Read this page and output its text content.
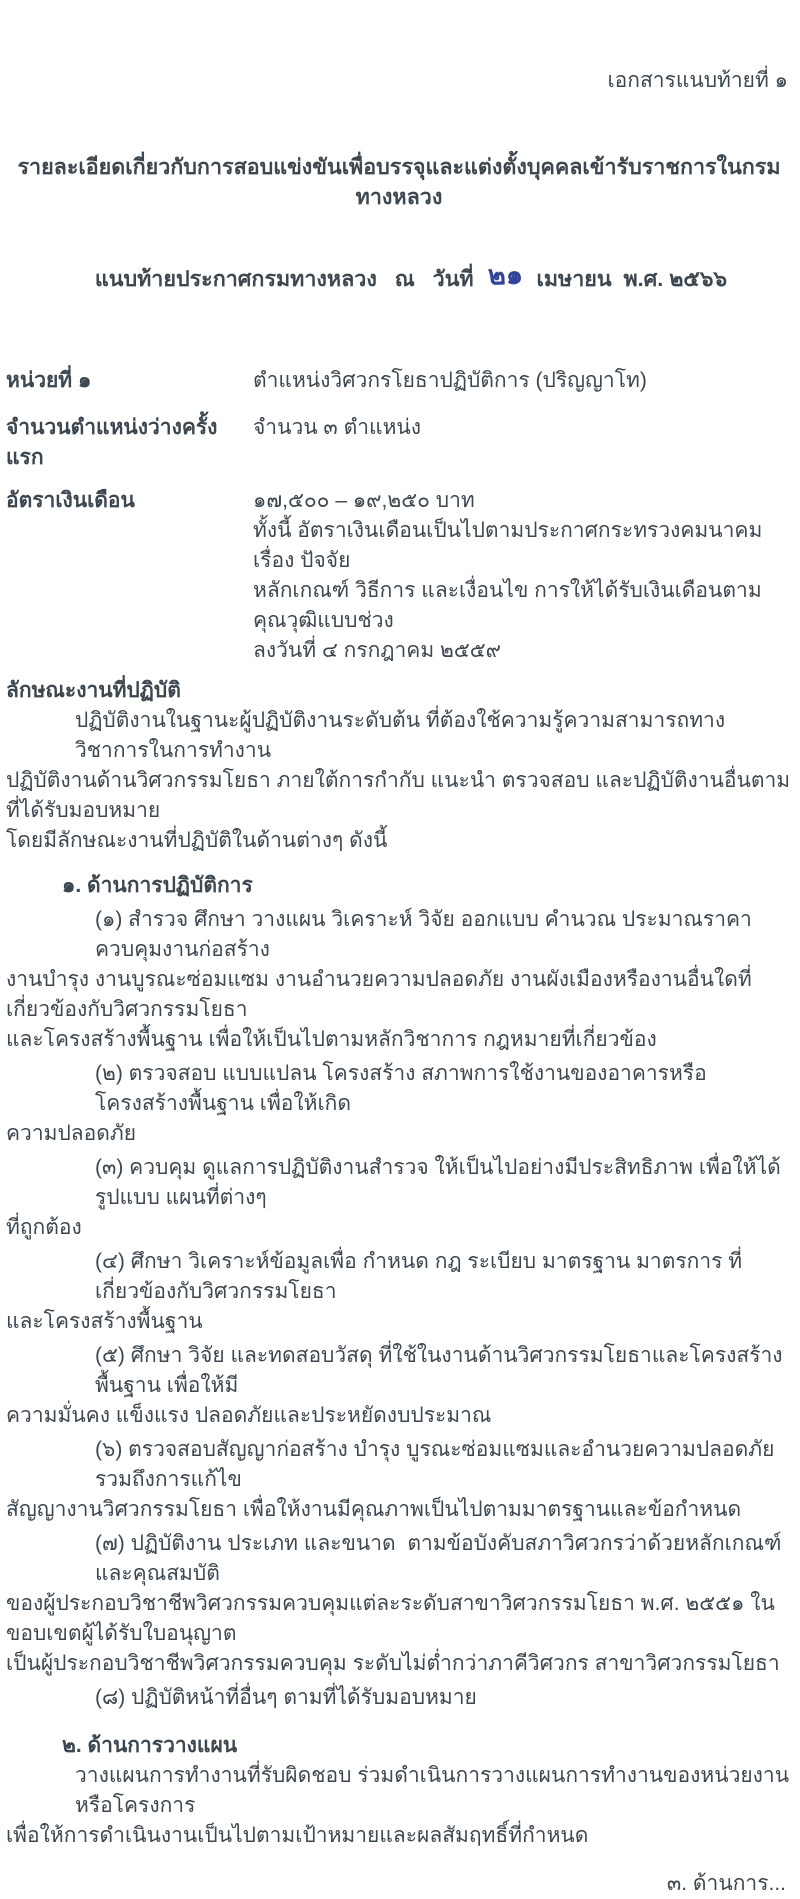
เอกสารแนบท้ายที่ ๑
รายละเอียดเกี่ยวกับการสอบแข่งขันเพื่อบรรจุและแต่งตั้งบุคคลเข้ารับราชการในกรมทางหลวง

แนบท้ายประกาศกรมทางหลวง   ณ   วันที่ ๒๑ เมษายน  พ.ศ. ๒๕๖๖

หน่วยที่ ๑	ตำแหน่งวิศวกรโยธาปฏิบัติการ (ปริญญาโท)
จำนวนตำแหน่งว่างครั้งแรก
จำนวน ๓ ตำแหน่ง
อัตราเงินเดือน	๑๗,๕๐๐ – ๑๙,๒๕๐ บาท
ทั้งนี้ อัตราเงินเดือนเป็นไปตามประกาศกระทรวงคมนาคม เรื่อง ปัจจัย
หลักเกณฑ์ วิธีการ และเงื่อนไข การให้ได้รับเงินเดือนตามคุณวุฒิแบบช่วง
ลงวันที่ ๔ กรกฎาคม ๒๕๕๙
ลักษณะงานที่ปฏิบัติ
ปฏิบัติงานในฐานะผู้ปฏิบัติงานระดับต้น ที่ต้องใช้ความรู้ความสามารถทางวิชาการในการทำงาน
ปฏิบัติงานด้านวิศวกรรมโยธา ภายใต้การกำกับ แนะนำ ตรวจสอบ และปฏิบัติงานอื่นตามที่ได้รับมอบหมาย
โดยมีลักษณะงานที่ปฏิบัติในด้านต่างๆ ดังนี้
๑. ด้านการปฏิบัติการ
(๑) สำรวจ ศึกษา วางแผน วิเคราะห์ วิจัย ออกแบบ คำนวณ ประมาณราคา ควบคุมงานก่อสร้าง
งานบำรุง งานบูรณะซ่อมแซม งานอำนวยความปลอดภัย งานผังเมืองหรืองานอื่นใดที่เกี่ยวข้องกับวิศวกรรมโยธา
และโครงสร้างพื้นฐาน เพื่อให้เป็นไปตามหลักวิชาการ กฎหมายที่เกี่ยวข้อง
(๒) ตรวจสอบ แบบแปลน โครงสร้าง สภาพการใช้งานของอาคารหรือโครงสร้างพื้นฐาน เพื่อให้เกิด
ความปลอดภัย
(๓) ควบคุม ดูแลการปฏิบัติงานสำรวจ ให้เป็นไปอย่างมีประสิทธิภาพ เพื่อให้ได้รูปแบบ แผนที่ต่างๆ
ที่ถูกต้อง
(๔) ศึกษา วิเคราะห์ข้อมูลเพื่อ กำหนด กฎ ระเบียบ มาตรฐาน มาตรการ ที่เกี่ยวข้องกับวิศวกรรมโยธา
และโครงสร้างพื้นฐาน
(๕) ศึกษา วิจัย และทดสอบวัสดุ ที่ใช้ในงานด้านวิศวกรรมโยธาและโครงสร้างพื้นฐาน เพื่อให้มี
ความมั่นคง แข็งแรง ปลอดภัยและประหยัดงบประมาณ
(๖) ตรวจสอบสัญญาก่อสร้าง บำรุง บูรณะซ่อมแซมและอำนวยความปลอดภัย รวมถึงการแก้ไข
สัญญางานวิศวกรรมโยธา เพื่อให้งานมีคุณภาพเป็นไปตามมาตรฐานและข้อกำหนด
(๗) ปฏิบัติงาน ประเภท และขนาด  ตามข้อบังคับสภาวิศวกรว่าด้วยหลักเกณฑ์และคุณสมบัติ
ของผู้ประกอบวิชาชีพวิศวกรรมควบคุมแต่ละระดับสาขาวิศวกรรมโยธา พ.ศ. ๒๕๕๑ ในขอบเขตผู้ได้รับใบอนุญาต
เป็นผู้ประกอบวิชาชีพวิศวกรรมควบคุม ระดับไม่ต่ำกว่าภาคีวิศวกร สาขาวิศวกรรมโยธา
(๘) ปฏิบัติหน้าที่อื่นๆ ตามที่ได้รับมอบหมาย
๒. ด้านการวางแผน
วางแผนการทำงานที่รับผิดชอบ ร่วมดำเนินการวางแผนการทำงานของหน่วยงานหรือโครงการ
เพื่อให้การดำเนินงานเป็นไปตามเป้าหมายและผลสัมฤทธิ์ที่กำหนด
๓. ด้านการ...
